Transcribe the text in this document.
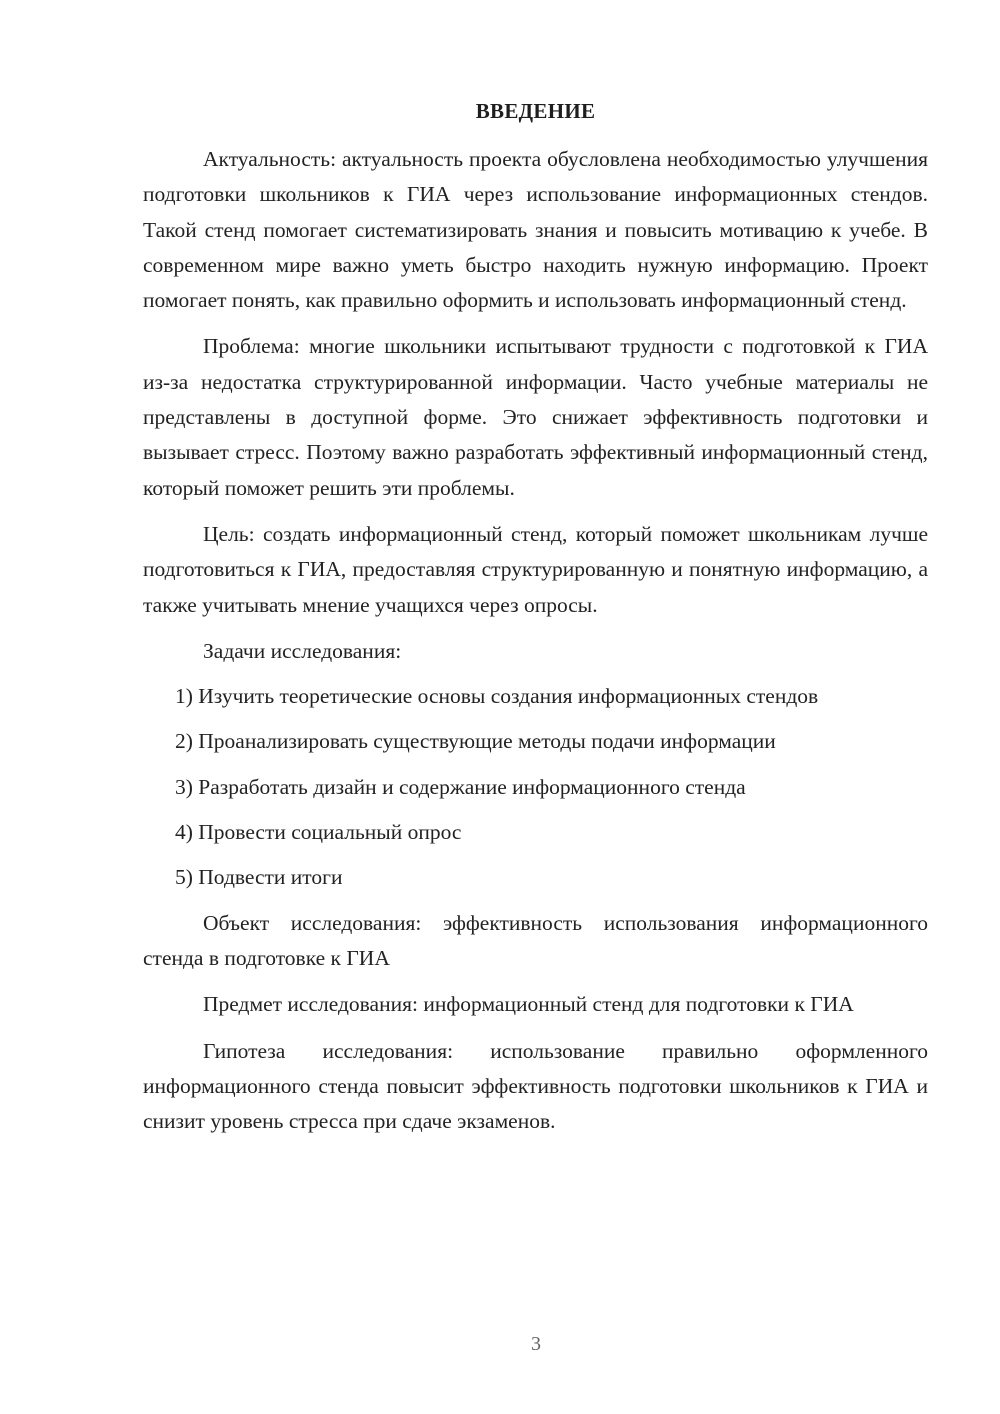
ВВЕДЕНИЕ

Актуальность: актуальность проекта обусловлена необходимостью улучшения подготовки школьников к ГИА через использование информационных стендов. Такой стенд помогает систематизировать знания и повысить мотивацию к учебе. В современном мире важно уметь быстро находить нужную информацию. Проект помогает понять, как правильно оформить и использовать информационный стенд.

Проблема: многие школьники испытывают трудности с подготовкой к ГИА из-за недостатка структурированной информации. Часто учебные материалы не представлены в доступной форме. Это снижает эффективность подготовки и вызывает стресс. Поэтому важно разработать эффективный информационный стенд, который поможет решить эти проблемы.

Цель: создать информационный стенд, который поможет школьникам лучше подготовиться к ГИА, предоставляя структурированную и понятную информацию, а также учитывать мнение учащихся через опросы.

Задачи исследования:
1) Изучить теоретические основы создания информационных стендов
2) Проанализировать существующие методы подачи информации
3) Разработать дизайн и содержание информационного стенда
4) Провести социальный опрос
5) Подвести итоги

Объект исследования: эффективность использования информационного стенда в подготовке к ГИА

Предмет исследования: информационный стенд для подготовки к ГИА

Гипотеза исследования: использование правильно оформленного информационного стенда повысит эффективность подготовки школьников к ГИА и снизит уровень стресса при сдаче экзаменов.

3
